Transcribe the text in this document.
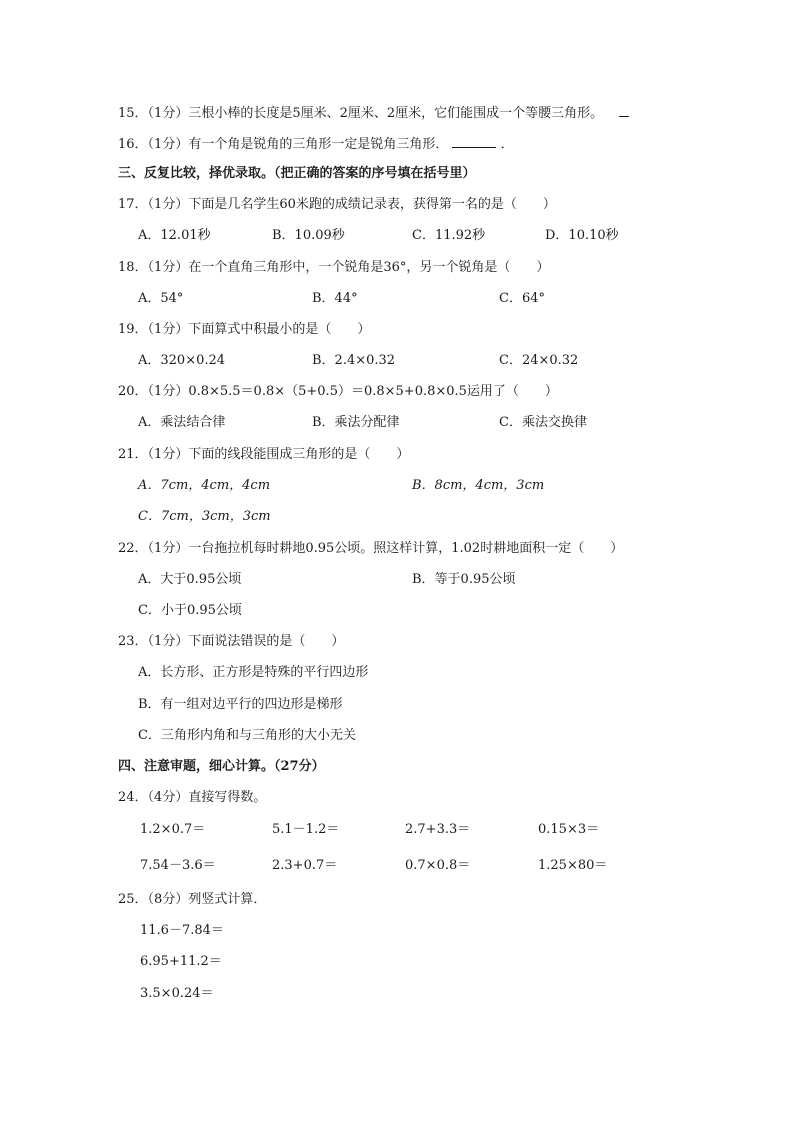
15．（1分）三根小棒的长度是5厘米、2厘米、2厘米，它们能围成一个等腰三角形。
16．（1分）有一个角是锐角的三角形一定是锐角三角形．	．
三、反复比较，择优录取。（把正确的答案的序号填在括号里）
17．（1分）下面是几名学生60米跑的成绩记录表，获得第一名的是（　　）
A．12.01秒	B．10.09秒	C．11.92秒	D．10.10秒
18．（1分）在一个直角三角形中，一个锐角是36°，另一个锐角是（　　）
A．54°	B．44°	C．64°
19．（1分）下面算式中积最小的是（　　）
A．320×0.24	B．2.4×0.32	C．24×0.32
20．（1分）0.8×5.5＝0.8×（5+0.5）＝0.8×5+0.8×0.5运用了（　　）
A．乘法结合律	B．乘法分配律	C．乘法交换律
21．（1分）下面的线段能围成三角形的是（　　）
A．7cm，4cm，4cm	B．8cm，4cm，3cm
C．7cm，3cm，3cm
22．（1分）一台拖拉机每时耕地0.95公顷。照这样计算，1.02时耕地面积一定（　　）
A．大于0.95公顷	B．等于0.95公顷
C．小于0.95公顷
23．（1分）下面说法错误的是（　　）
A．长方形、正方形是特殊的平行四边形
B．有一组对边平行的四边形是梯形
C．三角形内角和与三角形的大小无关
四、注意审题，细心计算。（27分）
24．（4分）直接写得数。
1.2×0.7＝	5.1－1.2＝	2.7+3.3＝	0.15×3＝
7.54－3.6＝	2.3+0.7＝	0.7×0.8＝	1.25×80＝
25．（8分）列竖式计算．
11.6－7.84＝
6.95+11.2＝
3.5×0.24＝
